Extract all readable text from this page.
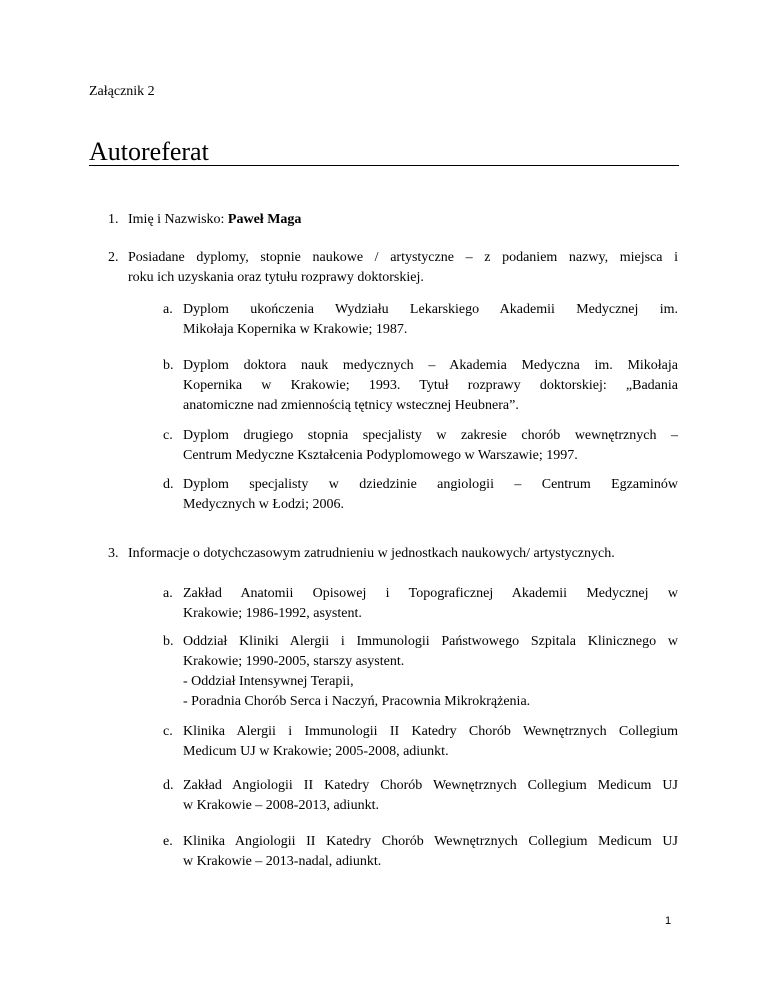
Załącznik 2
Autoreferat
1. Imię i Nazwisko: Paweł Maga
2. Posiadane dyplomy, stopnie naukowe / artystyczne – z podaniem nazwy, miejsca i
roku ich uzyskania oraz tytułu rozprawy doktorskiej.
a. Dyplom ukończenia Wydziału Lekarskiego Akademii Medycznej im.
Mikołaja Kopernika w Krakowie; 1987.
b. Dyplom doktora nauk medycznych – Akademia Medyczna im. Mikołaja
Kopernika w Krakowie; 1993. Tytuł rozprawy doktorskiej: „Badania
anatomiczne nad zmiennością tętnicy wstecznej Heubnera”.
c. Dyplom drugiego stopnia specjalisty w zakresie chorób wewnętrznych –
Centrum Medyczne Kształcenia Podyplomowego w Warszawie; 1997.
d. Dyplom specjalisty w dziedzinie angiologii – Centrum Egzaminów
Medycznych w Łodzi; 2006.
3. Informacje o dotychczasowym zatrudnieniu w jednostkach naukowych/ artystycznych.
a. Zakład Anatomii Opisowej i Topograficznej Akademii Medycznej w
Krakowie; 1986-1992, asystent.
b. Oddział Kliniki Alergii i Immunologii Państwowego Szpitala Klinicznego w
Krakowie; 1990-2005, starszy asystent.
- Oddział Intensywnej Terapii,
- Poradnia Chorób Serca i Naczyń, Pracownia Mikrokrążenia.
c. Klinika Alergii i Immunologii II Katedry Chorób Wewnętrznych Collegium
Medicum UJ w Krakowie; 2005-2008, adiunkt.
d. Zakład Angiologii II Katedry Chorób Wewnętrznych Collegium Medicum UJ
w Krakowie – 2008-2013, adiunkt.
e. Klinika Angiologii II Katedry Chorób Wewnętrznych Collegium Medicum UJ
w Krakowie – 2013-nadal, adiunkt.
1
